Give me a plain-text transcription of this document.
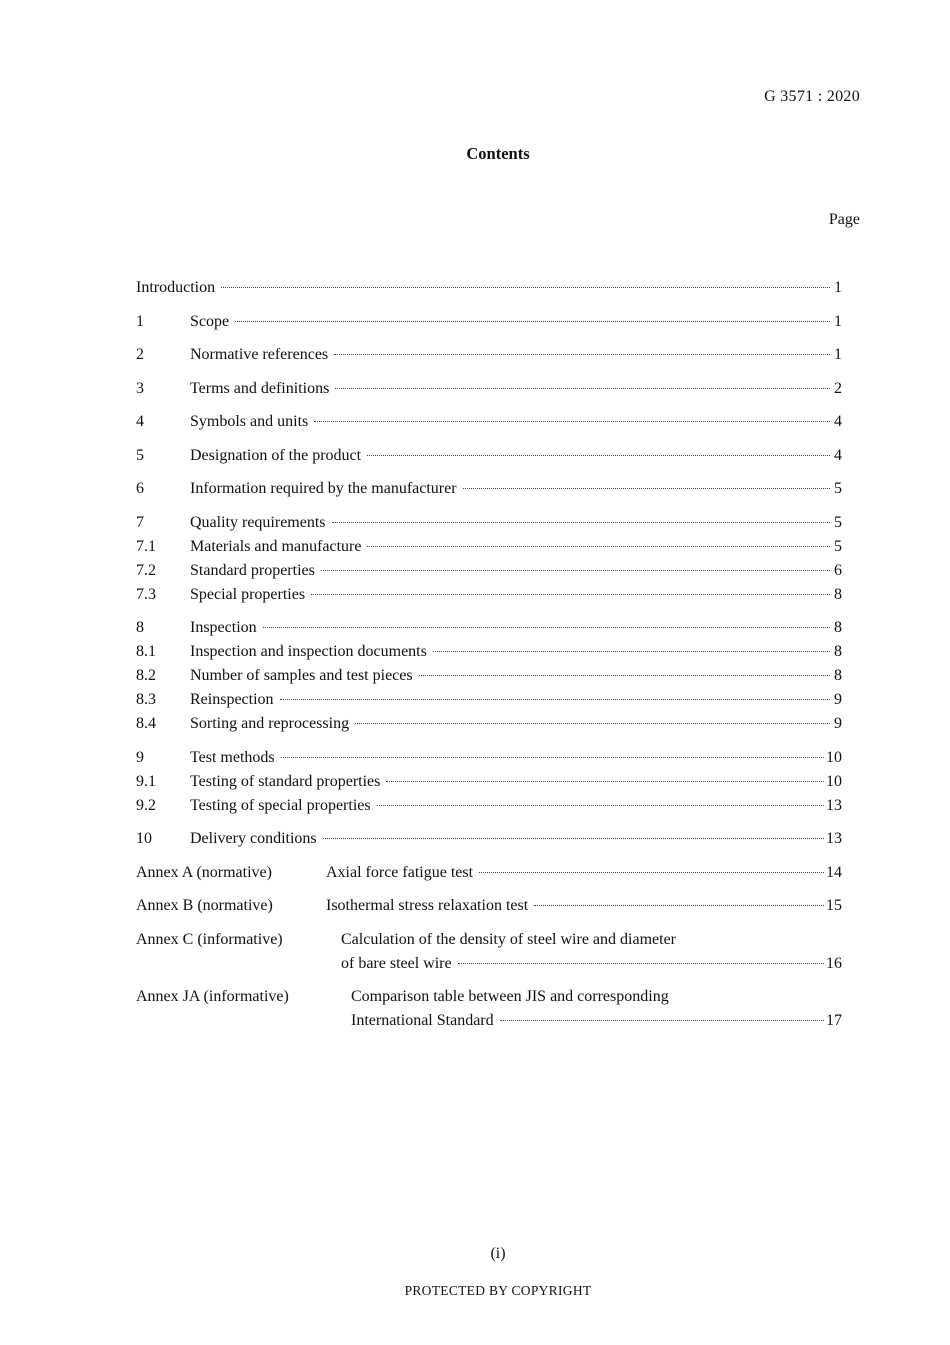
G 3571 : 2020
Contents
Page
Introduction	1
1	Scope	1
2	Normative references	1
3	Terms and definitions	2
4	Symbols and units	4
5	Designation of the product	4
6	Information required by the manufacturer	5
7	Quality requirements	5
7.1	Materials and manufacture	5
7.2	Standard properties	6
7.3	Special properties	8
8	Inspection	8
8.1	Inspection and inspection documents	8
8.2	Number of samples and test pieces	8
8.3	Reinspection	9
8.4	Sorting and reprocessing	9
9	Test methods	10
9.1	Testing of standard properties	10
9.2	Testing of special properties	13
10	Delivery conditions	13
Annex A (normative)	Axial force fatigue test	14
Annex B (normative)	Isothermal stress relaxation test	15
Annex C (informative)	Calculation of the density of steel wire and diameter
of bare steel wire	16
Annex JA (informative)	Comparison table between JIS and corresponding
International Standard	17
(i)
PROTECTED BY COPYRIGHT
